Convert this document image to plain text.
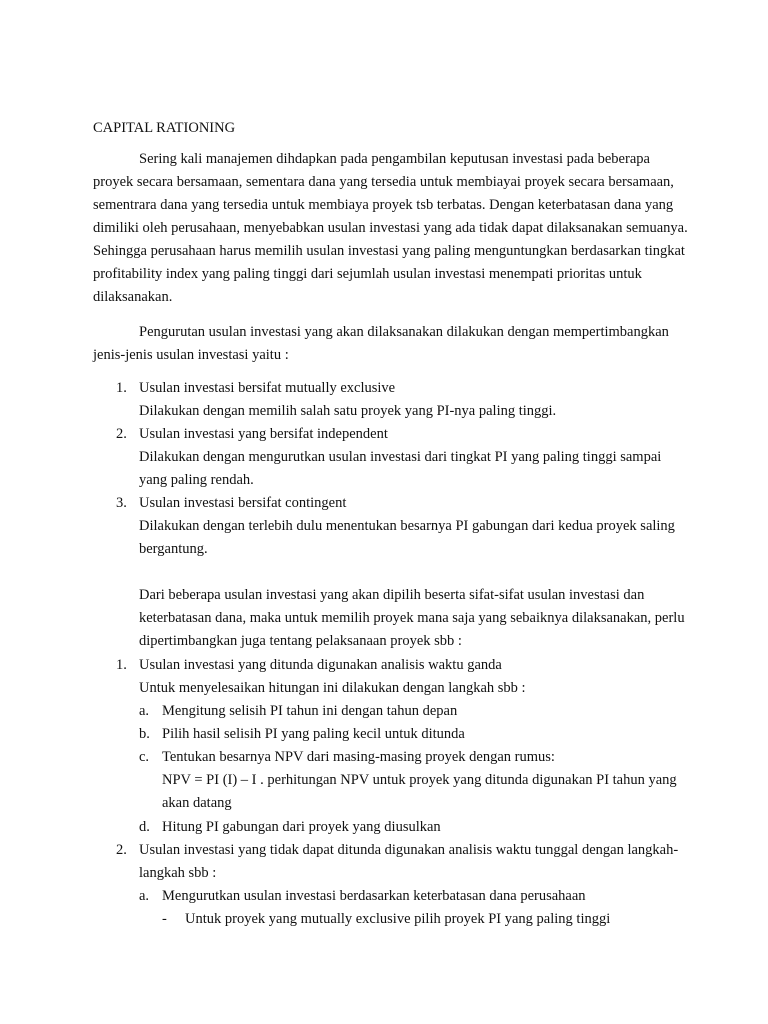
CAPITAL RATIONING
Sering kali manajemen dihdapkan pada pengambilan keputusan investasi pada beberapa
proyek secara bersamaan, sementara dana yang tersedia untuk membiayai proyek secara bersamaan,
sementrara dana yang tersedia untuk membiaya proyek tsb terbatas. Dengan keterbatasan dana yang
dimiliki oleh perusahaan, menyebabkan usulan investasi yang ada tidak dapat dilaksanakan semuanya.
Sehingga perusahaan harus memilih usulan investasi yang paling menguntungkan berdasarkan tingkat
profitability index yang paling tinggi dari sejumlah usulan investasi menempati prioritas untuk
dilaksanakan.
Pengurutan usulan investasi yang akan dilaksanakan dilakukan dengan mempertimbangkan
jenis-jenis usulan investasi yaitu :
1. Usulan investasi bersifat mutually exclusive
Dilakukan dengan memilih salah satu proyek yang PI-nya paling tinggi.
2. Usulan investasi yang bersifat independent
Dilakukan dengan mengurutkan usulan investasi dari tingkat PI yang paling tinggi sampai
yang paling rendah.
3. Usulan investasi bersifat contingent
Dilakukan dengan terlebih dulu menentukan besarnya PI gabungan dari kedua proyek saling
bergantung.
Dari beberapa usulan investasi yang akan dipilih beserta sifat-sifat usulan investasi dan
keterbatasan dana, maka untuk memilih proyek mana saja yang sebaiknya dilaksanakan, perlu
dipertimbangkan juga tentang pelaksanaan proyek sbb :
1. Usulan investasi yang ditunda digunakan analisis waktu ganda
Untuk menyelesaikan hitungan ini dilakukan dengan langkah sbb :
a. Mengitung selisih PI tahun ini dengan tahun depan
b. Pilih hasil selisih PI yang paling kecil untuk ditunda
c. Tentukan besarnya NPV dari masing-masing proyek dengan rumus:
NPV = PI (I) – I . perhitungan NPV untuk proyek yang ditunda digunakan PI tahun yang
akan datang
d. Hitung PI gabungan dari proyek yang diusulkan
2. Usulan investasi yang tidak dapat ditunda digunakan analisis waktu tunggal dengan langkah-
langkah sbb :
a. Mengurutkan usulan investasi berdasarkan keterbatasan dana perusahaan
- Untuk proyek yang mutually exclusive pilih proyek PI yang paling tinggi
